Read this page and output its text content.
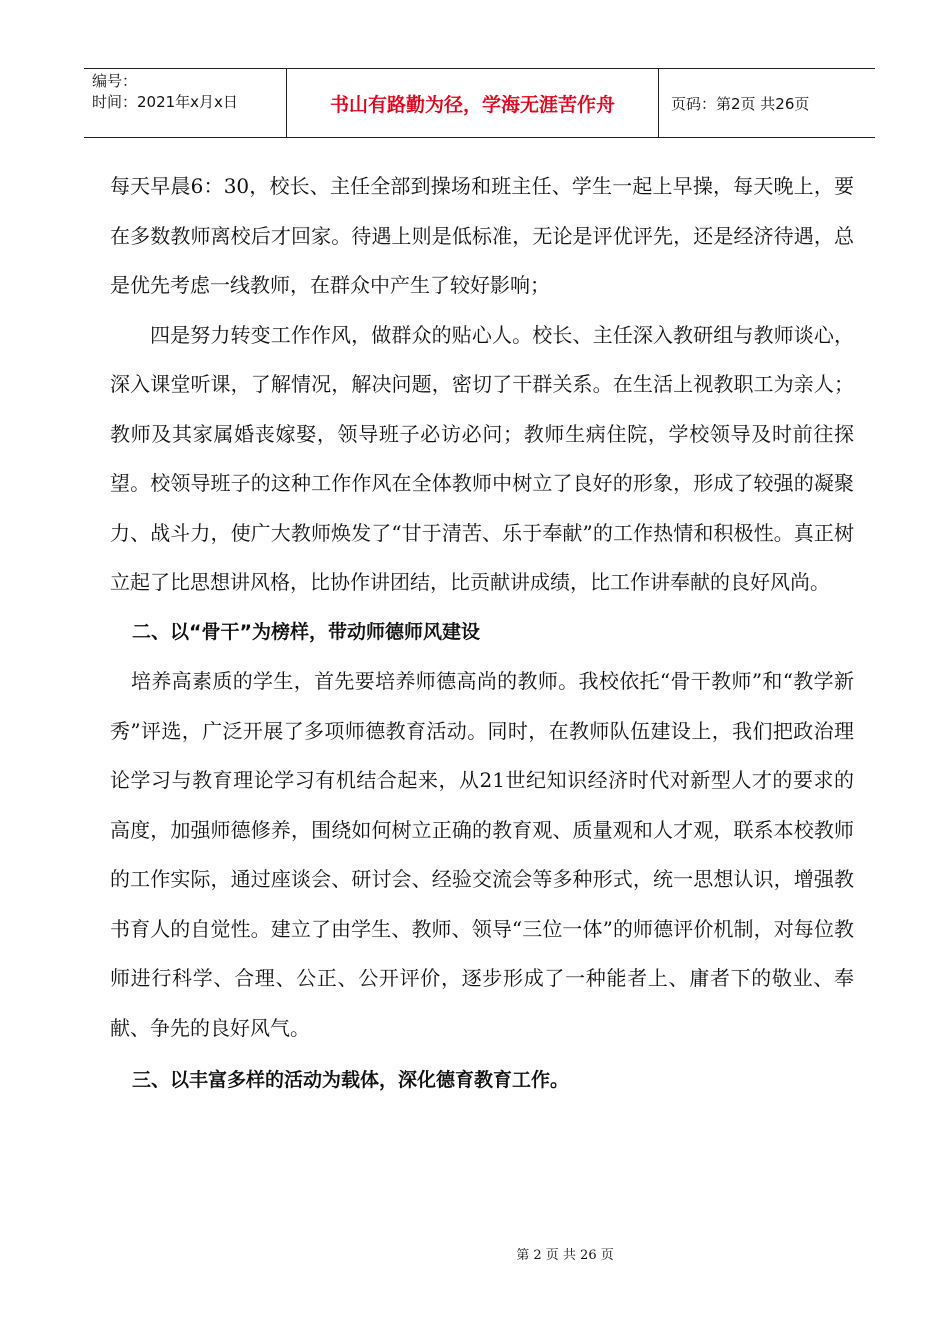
编号：
时间：2021年x月x日	书山有路勤为径，学海无涯苦作舟	页码：第2页 共26页

每天早晨6：30，校长、主任全部到操场和班主任、学生一起上早操，每天晚上，要在多数教师离校后才回家。待遇上则是低标准，无论是评优评先，还是经济待遇，总是优先考虑一线教师，在群众中产生了较好影响；

四是努力转变工作作风，做群众的贴心人。校长、主任深入教研组与教师谈心，深入课堂听课，了解情况，解决问题，密切了干群关系。在生活上视教职工为亲人；教师及其家属婚丧嫁娶，领导班子必访必问；教师生病住院，学校领导及时前往探望。校领导班子的这种工作作风在全体教师中树立了良好的形象，形成了较强的凝聚力、战斗力，使广大教师焕发了“甘于清苦、乐于奉献”的工作热情和积极性。真正树立起了比思想讲风格，比协作讲团结，比贡献讲成绩，比工作讲奉献的良好风尚。

二、以“骨干”为榜样，带动师德师风建设

培养高素质的学生，首先要培养师德高尚的教师。我校依托“骨干教师”和“教学新秀”评选，广泛开展了多项师德教育活动。同时，在教师队伍建设上，我们把政治理论学习与教育理论学习有机结合起来，从21世纪知识经济时代对新型人才的要求的高度，加强师德修养，围绕如何树立正确的教育观、质量观和人才观，联系本校教师的工作实际，通过座谈会、研讨会、经验交流会等多种形式，统一思想认识，增强教书育人的自觉性。建立了由学生、教师、领导“三位一体”的师德评价机制，对每位教师进行科学、合理、公正、公开评价，逐步形成了一种能者上、庸者下的敬业、奉献、争先的良好风气。

三、以丰富多样的活动为载体，深化德育教育工作。

第 2 页 共 26 页
